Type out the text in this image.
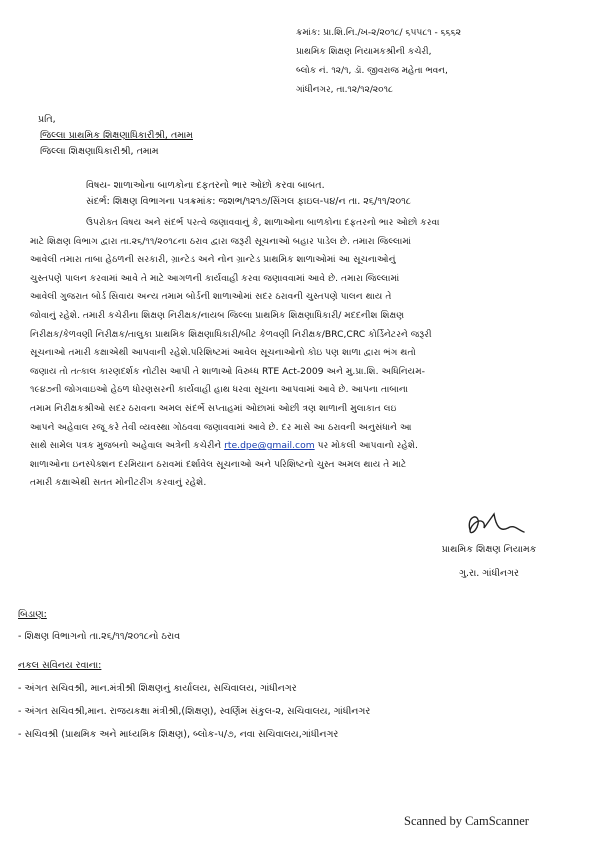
ક્રમાંક: પ્રા.શિ.નિ./ખ-૨/૨૦૧૮/ ૬૫૫૮૧ - ૬૬૬૨
પ્રાથમિક શિક્ષણ નિયામકશ્રીની કચેરી,
બ્લોક નં. ૧૨/૧, ડૉ. જીવરાજ મહેતા ભવન,
ગાંધીનગર, તા.૧૨/૧૨/૨૦૧૮
પ્રતિ,
જિલ્લા પ્રાથમિક શિક્ષણાધિકારીશ્રી, તમામ
જિલ્લા શિક્ષણાધિકારીશ્રી, તમામ
વિષય- શાળાઓના બાળકોના દફતરનો ભાર ઓછો કરવા બાબત.
સંદર્ભ: શિક્ષણ વિભાગના પત્રક્રમાંક: જશભ/૧૨૧૭/સિંગલ ફાઇલ-૫૪/ન તા. ૨૬/૧૧/૨૦૧૮
ઉપરોક્ત વિષય અને સંદર્ભ પરત્વે જણાવવાનું કે, શાળાઓના બાળકોના દફતરનો ભાર ઓછો કરવા
માટે શિક્ષણ વિભાગ દ્વારા તા.૨૬/૧૧/૨૦૧૮ના ઠરાવ દ્વારા જરૂરી સૂચનાઓ બહાર પાડેલ છે. તમારા જિલ્લામાં
આવેલી તમારા તાબા હેઠળની સરકારી, ગ્રાન્ટેડ અને નોન ગ્રાન્ટેડ પ્રાથમિક શાળાઓમાં આ સૂચનાઓનું
ચુસ્તપણે પાલન કરવામાં આવે તે માટે આગળની કાર્યવાહી કરવા જણાવવામાં આવે છે. તમારા જિલ્લામાં
આવેલી ગુજરાત બોર્ડ સિવાય અન્ય તમામ બોર્ડની શાળાઓમાં સદર ઠરાવની ચુસ્તપણે પાલન થાય તે
જોવાનું રહેશે. તમારી કચેરીના શિક્ષણ નિરીક્ષક/નાયબ જિલ્લા પ્રાથમિક શિક્ષણાધિકારી/ મદદનીશ શિક્ષણ
નિરીક્ષક/કેળવણી નિરીક્ષક/તાલુકા પ્રાથમિક શિક્ષણાધિકારી/બીટ કેળવણી નિરીક્ષક/BRC,CRC કોર્ડિનેટરને જરૂરી
સૂચનાઓ તમારી કક્ષાએથી આપવાની રહેશે.પરિશિષ્ટમાં આવેલ સૂચનાઓનો કોઇ પણ શાળા દ્વારા ભંગ થતો
જણાય તો તત્કાલ કારણદર્શક નોટીસ આપી તે શાળાઓ વિરુધ્ધ RTE Act-2009 અને મુ.પ્રા.શિ. અધિનિયમ-
૧૯૪૭ની જોગવાઇઓ હેઠળ ધોરણસરની કાર્યવાહી હાથ ધરવા સૂચના આપવામાં આવે છે. આપના તાબાના
તમામ નિરીક્ષકશ્રીઓ સદર ઠરાવના અમલ સંદર્ભે સપ્તાહમાં ઓછામાં ઓછી ત્રણ શાળાની મુલાકાત લઇ
આપને અહેવાલ રજૂ કરે તેવી વ્યવસ્થા ગોઠવવા જણાવવામાં આવે છે. દર માસે આ ઠરાવની અનુસંધાને આ
સાથે સામેલ પત્રક મુજબનો અહેવાલ અત્રેની કચેરીને rte.dpe@gmail.com પર મોકલી આપવાનો રહેશે.
શાળાઓના ઇનસ્પેક્શન દરમિયાન ઠરાવમાં દર્શાવેલ સૂચનાઓ અને પરિશિષ્ટનો ચુસ્ત અમલ થાય તે માટે
તમારી કક્ષાએથી સતત મોનીટરીંગ કરવાનું રહેશે.
પ્રાથમિક શિક્ષણ નિયામક
ગુ.રા. ગાંધીનગર
બિડાણ:
- શિક્ષણ વિભાગનો તા.૨૬/૧૧/૨૦૧૮નો ઠરાવ
નકલ સવિનય રવાના:
- અંગત સચિવશ્રી, માન.મંત્રીશ્રી શિક્ષણનું કાર્યાલય, સચિવાલય, ગાંધીનગર
- અંગત સચિવશ્રી,માન. રાજયકક્ષા મંત્રીશ્રી,(શિક્ષણ), સ્વર્ણિમ સંકુલ-૨, સચિવાલય, ગાંધીનગર
- સચિવશ્રી (પ્રાથમિક અને માધ્યમિક શિક્ષણ), બ્લોક-૫/૭, નવા સચિવાલય,ગાંધીનગર
Scanned by CamScanner
